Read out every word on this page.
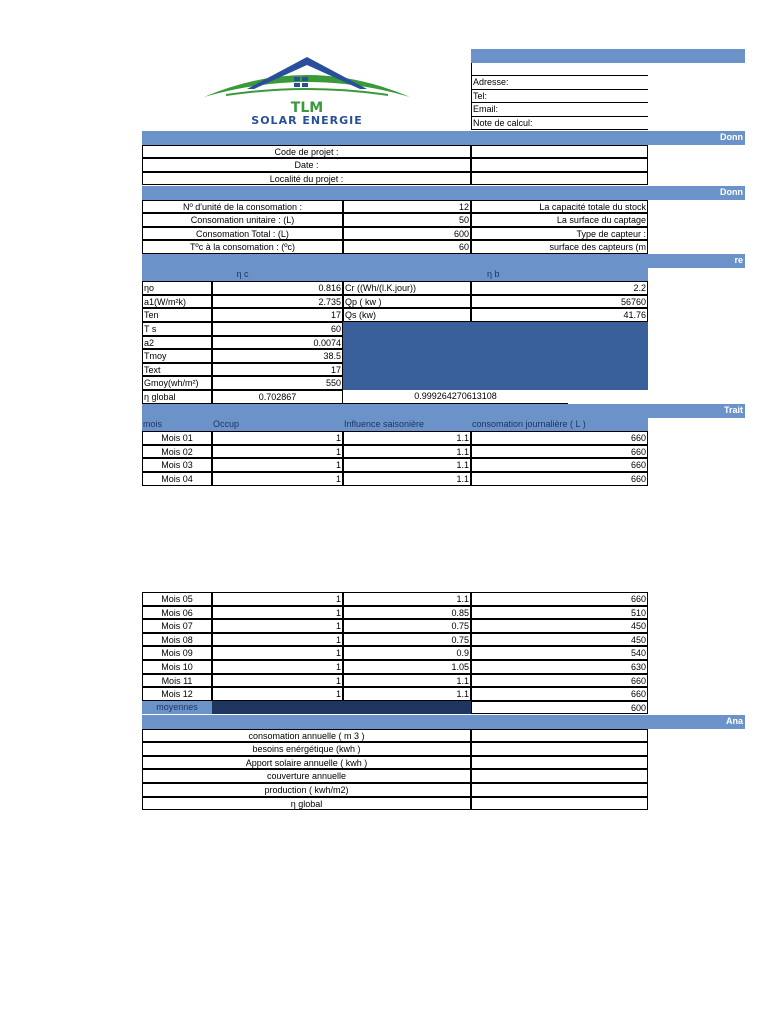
TLM
SOLAR ENERGIE
Adresse:
Tel:
Email:
Note de calcul:
Donn
Code de projet :
Date :
Localité du projet :
Donn
Nº d'unité de la consomation :	12	La capacité totale du stock
Consomation unitaire : (L)	50	La surface du captage
Consomation Total : (L)	600	Type de capteur :
Tºc à la consomation : (ºc)	60	surface des capteurs (m
re
η c	η b
ηo	0.816 Cr ((Wh/(l.K.jour))	2.2
a1(W/m²k)	2.735 Qp ( kw )	56760
Ten	17 Qs (kw)	41.76
T s	60
a2	0.0074
Tmoy	38.5
Text	17
Gmoy(wh/m²)	550
η global	0.702867	0.999264270613108
Trait
mois	Occup	Influence saisonière	consomation journalière ( L )
Mois 01	1	1.1	660
Mois 02	1	1.1	660
Mois 03	1	1.1	660
Mois 04	1	1.1	660
Mois 05	1	1.1	660
Mois 06	1	0.85	510
Mois 07	1	0.75	450
Mois 08	1	0.75	450
Mois 09	1	0.9	540
Mois 10	1	1.05	630
Mois 11	1	1.1	660
Mois 12	1	1.1	660
moyennes	600
Ana
consomation annuelle ( m 3 )
besoins enérgétique (kwh )
Apport solaire annuelle ( kwh )
couverture annuelle
production ( kwh/m2)
η global
